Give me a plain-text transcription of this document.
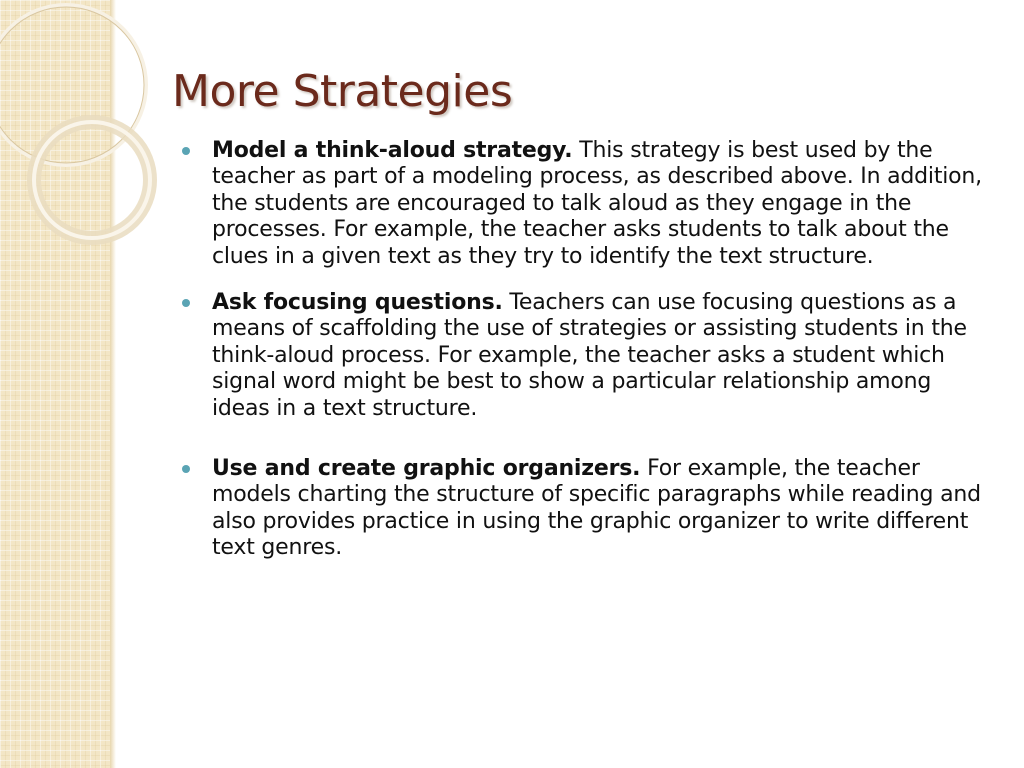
More Strategies
Model a think-aloud strategy. This strategy is best used by the teacher as part of a modeling process, as described above. In addition, the students are encouraged to talk aloud as they engage in the processes. For example, the teacher asks students to talk about the clues in a given text as they try to identify the text structure.
Ask focusing questions. Teachers can use focusing questions as a means of scaffolding the use of strategies or assisting students in the think-aloud process. For example, the teacher asks a student which signal word might be best to show a particular relationship among ideas in a text structure.
Use and create graphic organizers. For example, the teacher models charting the structure of specific paragraphs while reading and also provides practice in using the graphic organizer to write different text genres.
